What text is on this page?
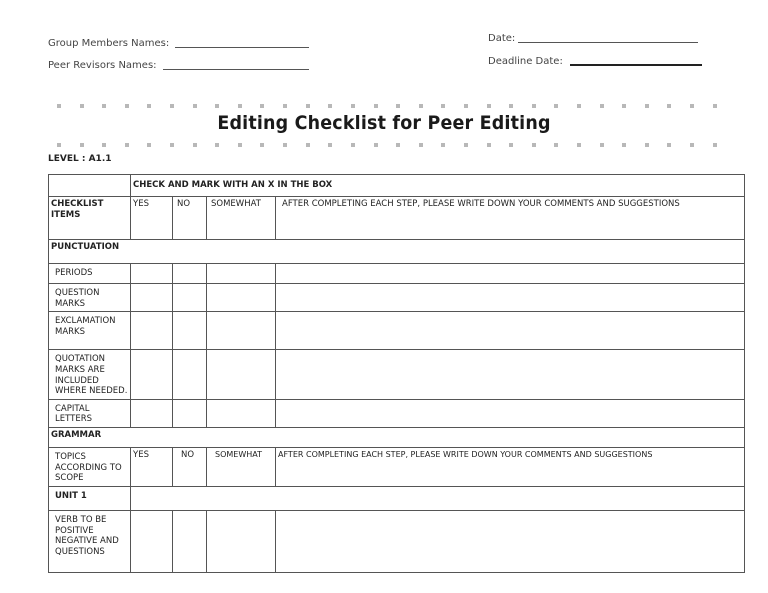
Group Members Names:
Peer Revisors Names:
Date:
Deadline Date:
Editing Checklist for Peer Editing
LEVEL : A1.1
	CHECK AND MARK WITH AN X IN THE BOX			
CHECKLIST ITEMS	YES	NO	SOMEWHAT	AFTER COMPLETING EACH STEP, PLEASE WRITE DOWN YOUR COMMENTS AND SUGGESTIONS
PUNCTUATION				
PERIODS				
QUESTION MARKS				
EXCLAMATION MARKS				
QUOTATION MARKS ARE INCLUDED WHERE NEEDED.				
CAPITAL LETTERS				
GRAMMAR				
TOPICS ACCORDING TO SCOPE	YES	NO	SOMEWHAT	AFTER COMPLETING EACH STEP, PLEASE WRITE DOWN YOUR COMMENTS AND SUGGESTIONS
UNIT 1				
VERB TO BE POSITIVE NEGATIVE AND QUESTIONS				
